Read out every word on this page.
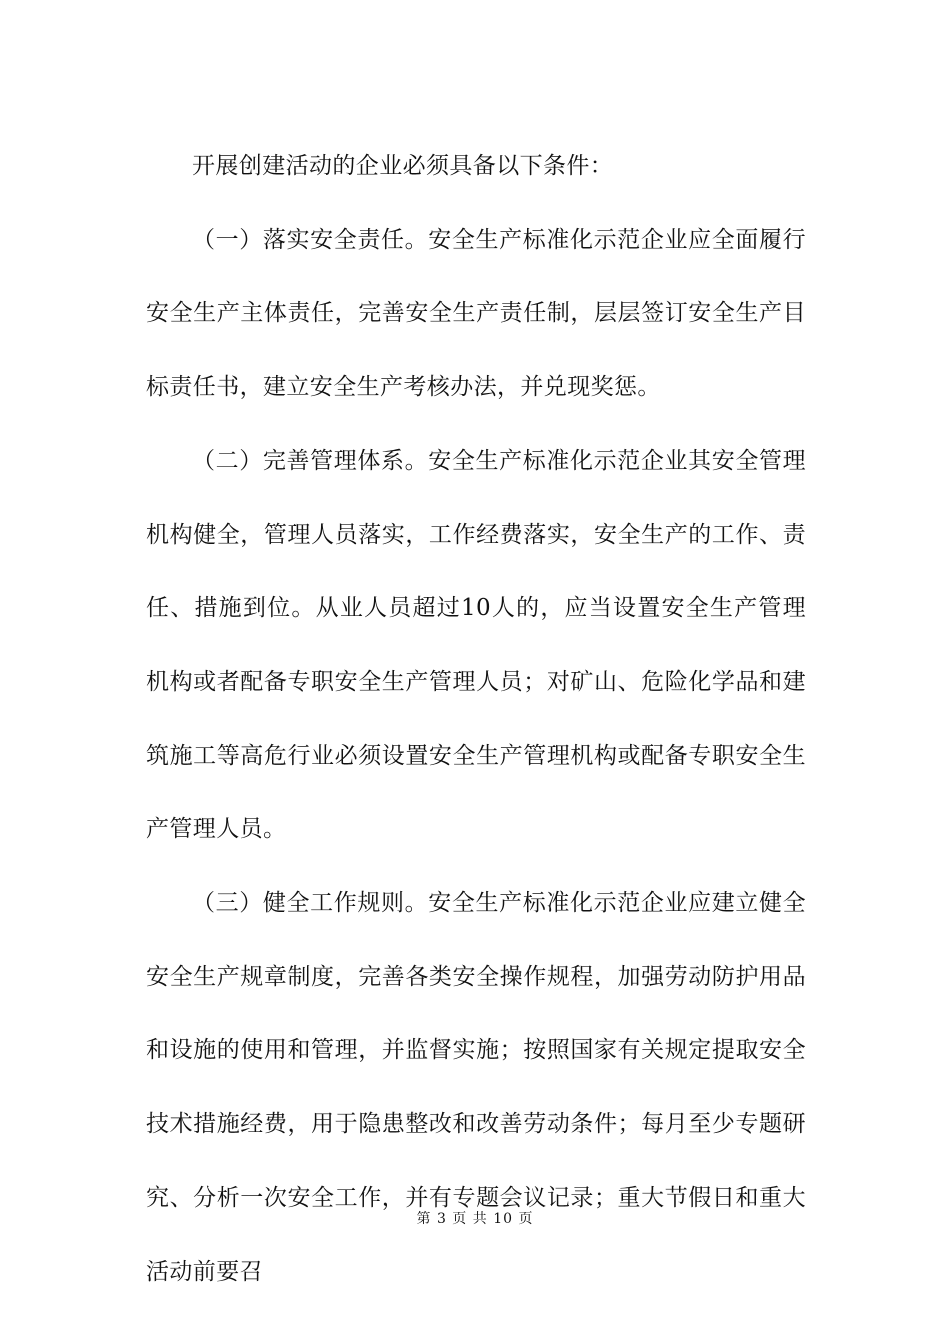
开展创建活动的企业必须具备以下条件：

（一）落实安全责任。安全生产标准化示范企业应全面履行安全生产主体责任，完善安全生产责任制，层层签订安全生产目标责任书，建立安全生产考核办法，并兑现奖惩。

（二）完善管理体系。安全生产标准化示范企业其安全管理机构健全，管理人员落实，工作经费落实，安全生产的工作、责任、措施到位。从业人员超过10人的，应当设置安全生产管理机构或者配备专职安全生产管理人员；对矿山、危险化学品和建筑施工等高危行业必须设置安全生产管理机构或配备专职安全生产管理人员。

（三）健全工作规则。安全生产标准化示范企业应建立健全安全生产规章制度，完善各类安全操作规程，加强劳动防护用品和设施的使用和管理，并监督实施；按照国家有关规定提取安全技术措施经费，用于隐患整改和改善劳动条件；每月至少专题研究、分析一次安全工作，并有专题会议记录；重大节假日和重大活动前要召

第 3 页 共 10 页
